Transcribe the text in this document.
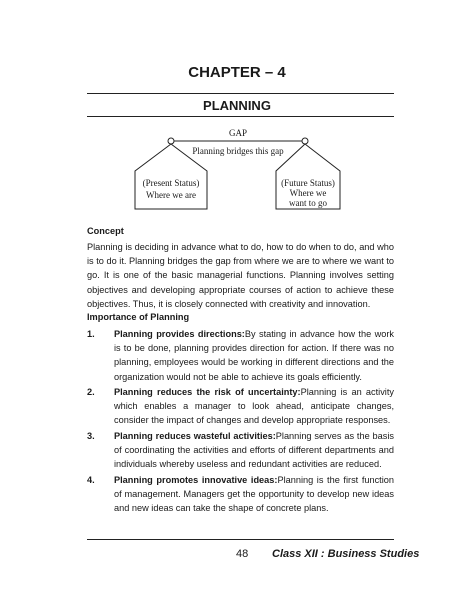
CHAPTER – 4
PLANNING
GAP
Planning bridges this gap
(Present Status)
Where we are
(Future Status)
Where we
want to go
Concept
Planning is deciding in advance what to do, how to do when to do, and who is to do it. Planning bridges the gap from where we are to where we want to go. It is one of the basic managerial functions. Planning involves setting objectives and developing appropriate courses of action to achieve these objectives. Thus, it is closely connected with creativity and innovation.
Importance of Planning
1. Planning provides directions:By stating in advance how the work is to be done, planning provides direction for action. If there was no planning, employees would be working in different directions and the organization would not be able to achieve its goals efficiently.
2. Planning reduces the risk of uncertainty:Planning is an activity which enables a manager to look ahead, anticipate changes, consider the impact of changes and develop appropriate responses.
3. Planning reduces wasteful activities:Planning serves as the basis of coordinating the activities and efforts of different departments and individuals whereby useless and redundant activities are reduced.
4. Planning promotes innovative ideas:Planning is the first function of management. Managers get the opportunity to develop new ideas and new ideas can take the shape of concrete plans.
48 Class XII : Business Studies
